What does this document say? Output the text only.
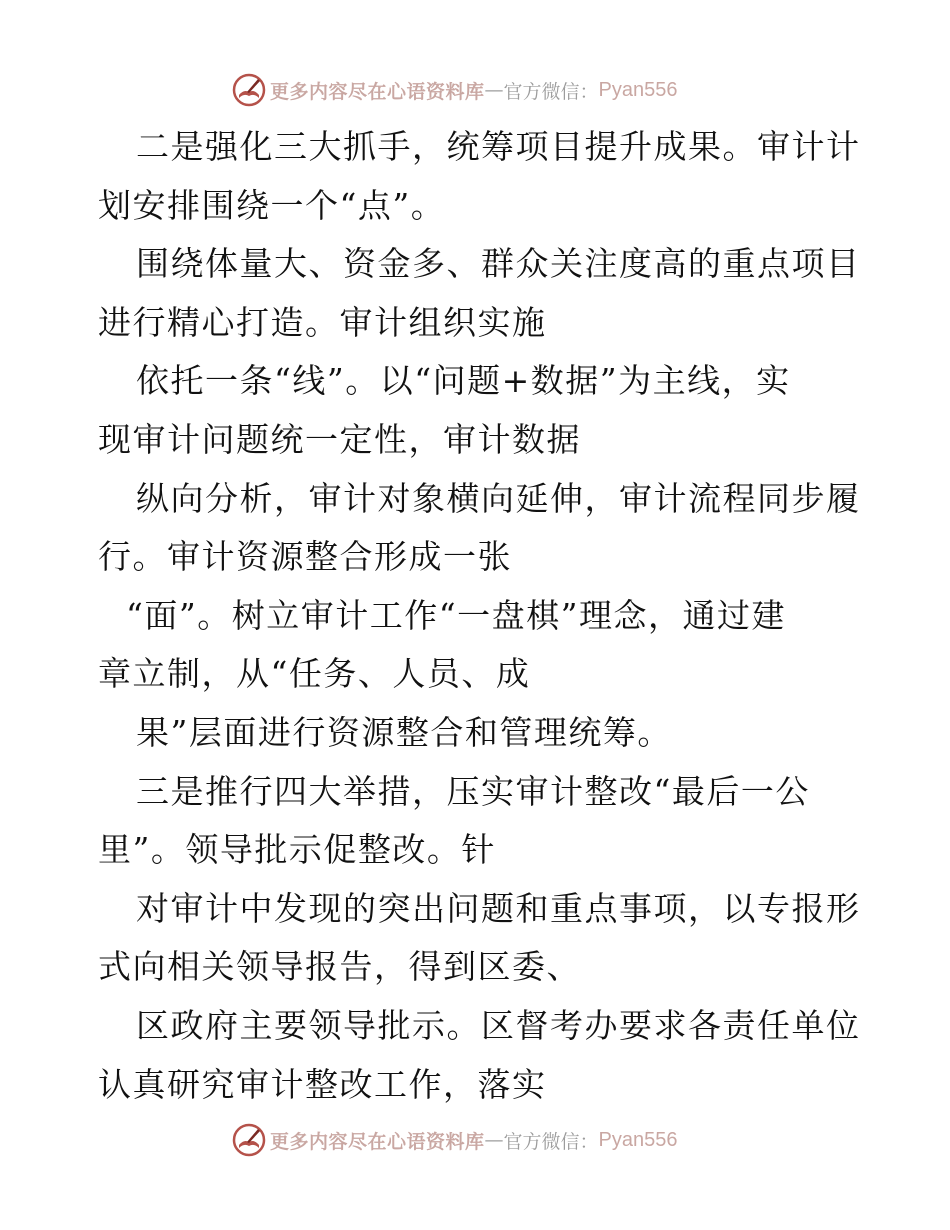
更多内容尽在心语资料库 — 官方微信： Pyan556
二是强化三大抓手，统筹项目提升成果。审计计
划安排围绕一个“点”。
围绕体量大、资金多、群众关注度高的重点项目
进行精心打造。审计组织实施
依托一条“线”。以“问题+数据”为主线，实
现审计问题统一定性，审计数据
纵向分析，审计对象横向延伸，审计流程同步履
行。审计资源整合形成一张
“面”。树立审计工作“一盘棋”理念，通过建
章立制，从“任务、人员、成
果”层面进行资源整合和管理统筹。
三是推行四大举措，压实审计整改“最后一公
里”。领导批示促整改。针
对审计中发现的突出问题和重点事项，以专报形
式向相关领导报告，得到区委、
区政府主要领导批示。区督考办要求各责任单位
认真研究审计整改工作，落实
更多内容尽在心语资料库 — 官方微信： Pyan556
